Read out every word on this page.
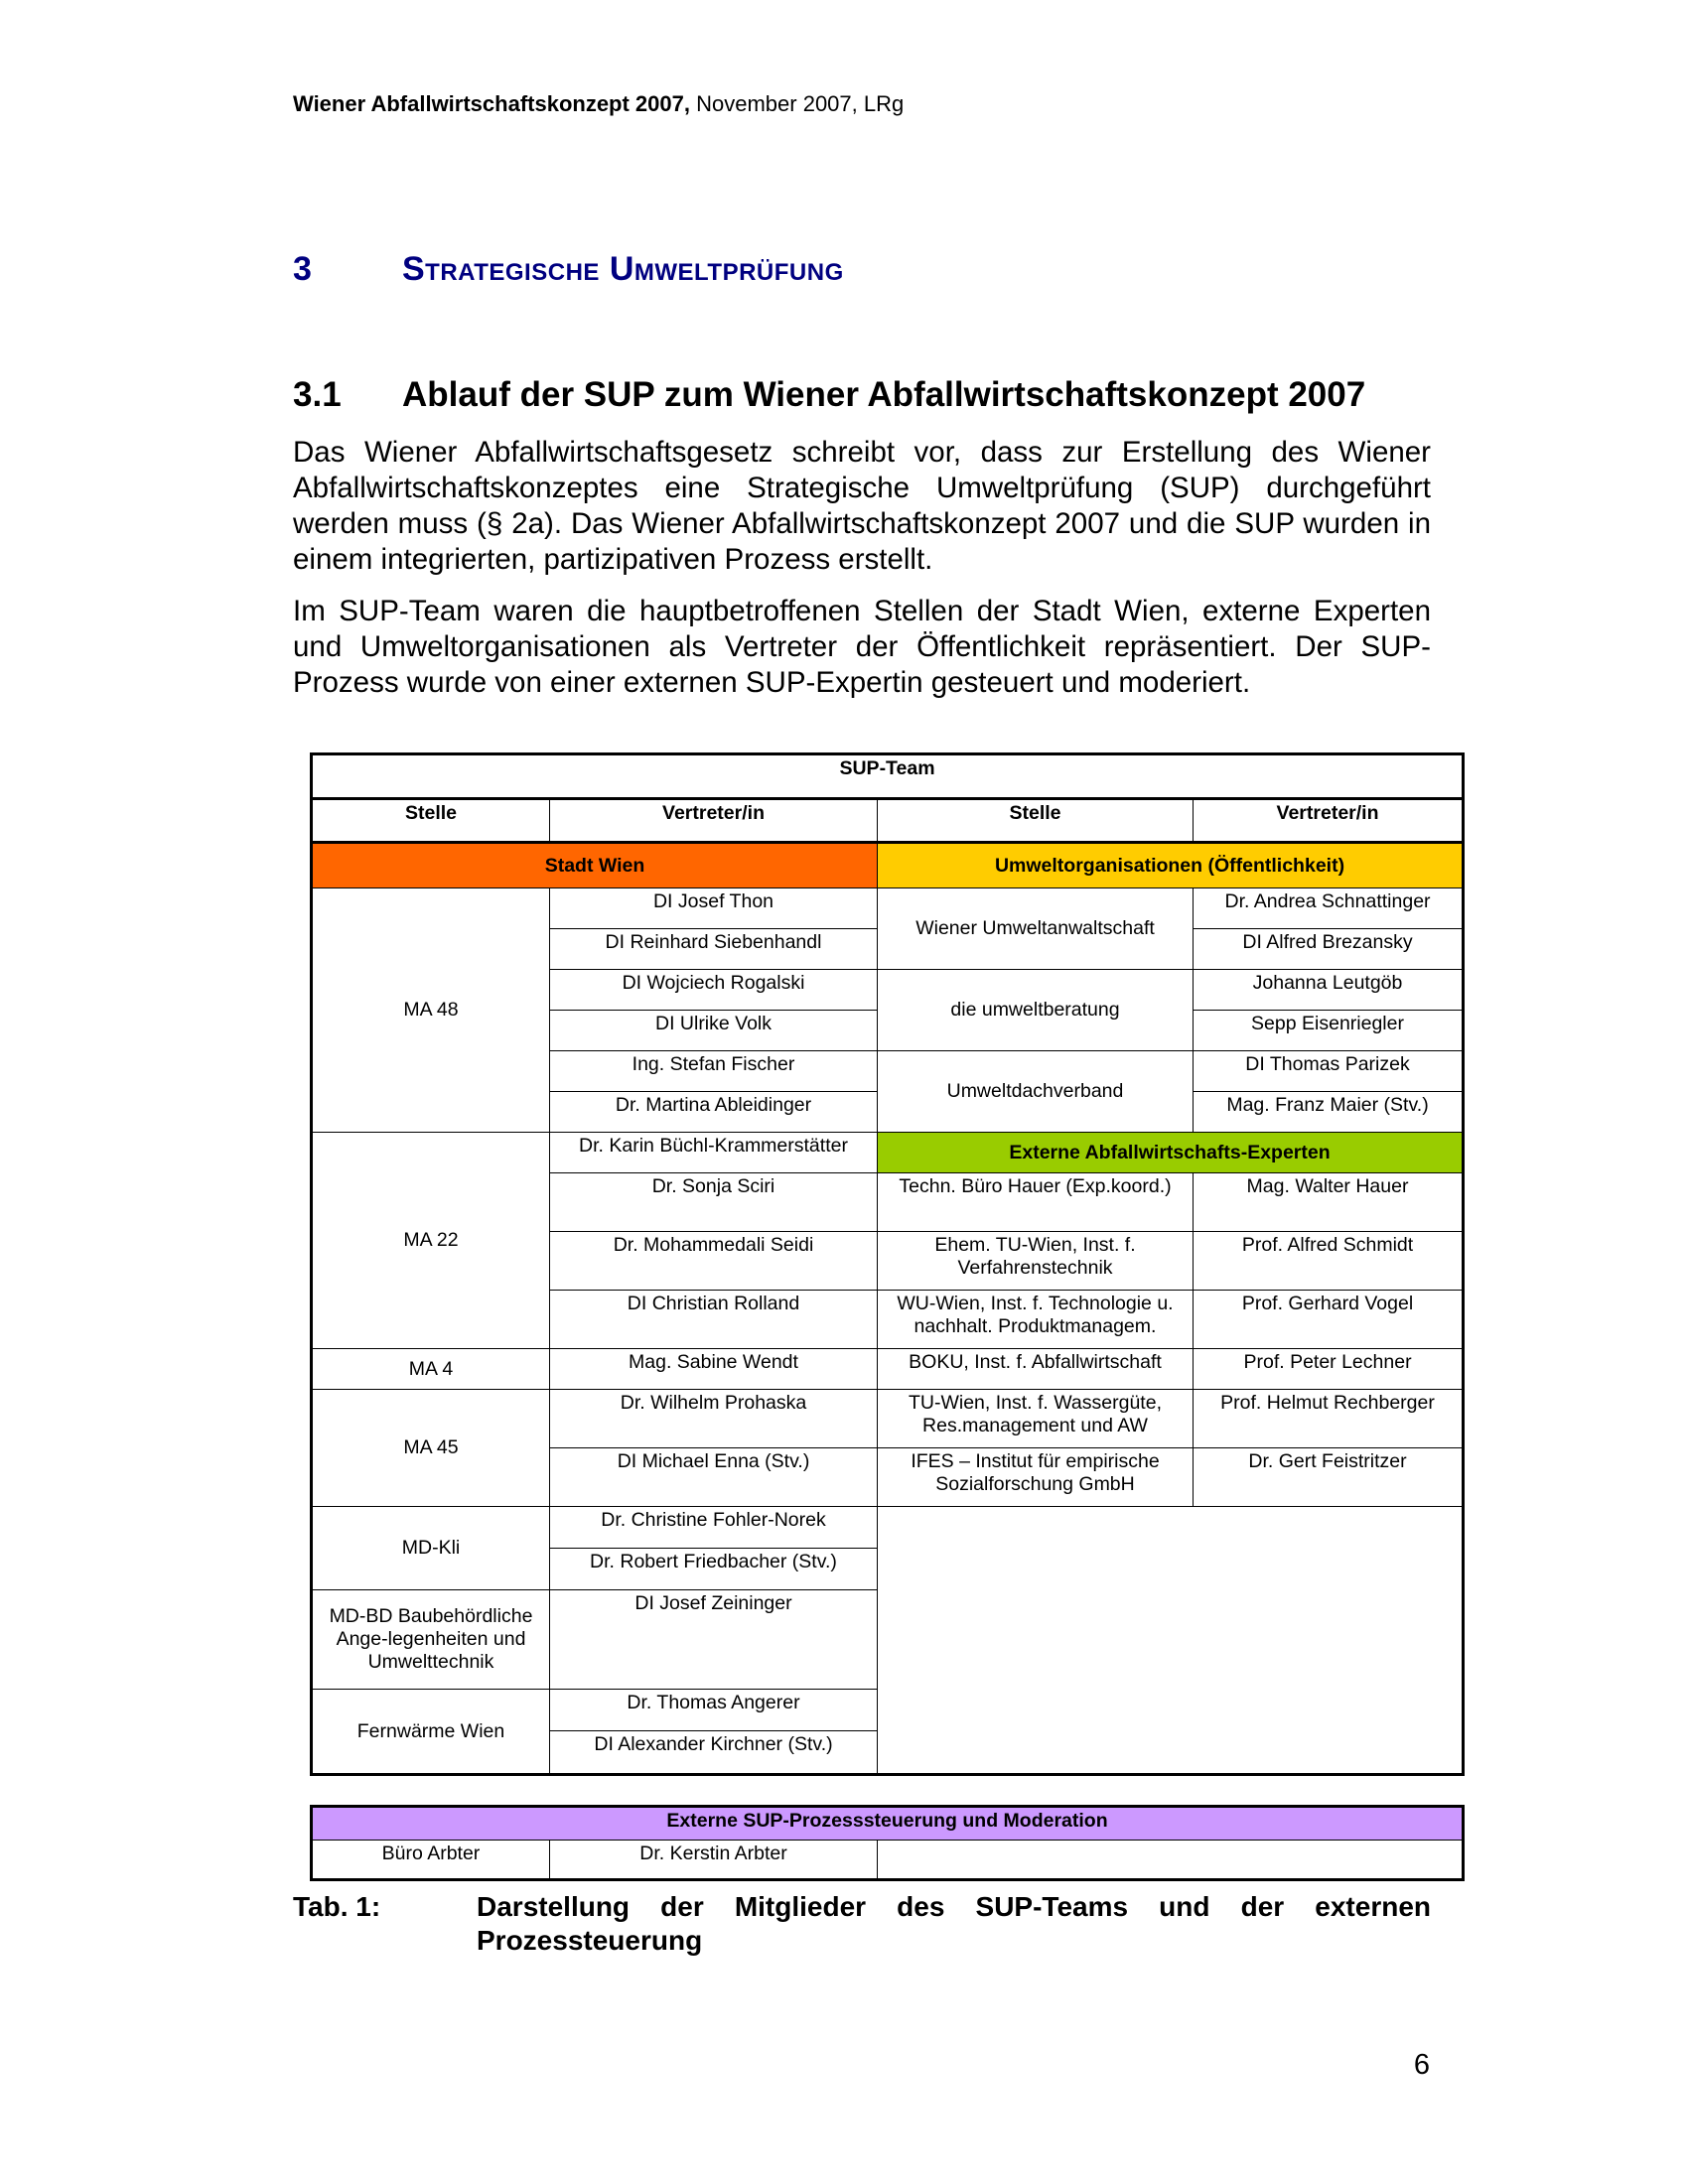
Wiener Abfallwirtschaftskonzept 2007, November 2007, LRg
3	Strategische Umweltprüfung
3.1 Ablauf der SUP zum Wiener Abfallwirtschaftskonzept 2007
Das Wiener Abfallwirtschaftsgesetz schreibt vor, dass zur Erstellung des Wiener Abfallwirtschaftskonzeptes eine Strategische Umweltprüfung (SUP) durchgeführt werden muss (§ 2a). Das Wiener Abfallwirtschaftskonzept 2007 und die SUP wurden in einem integrierten, partizipativen Prozess erstellt.
Im SUP-Team waren die hauptbetroffenen Stellen der Stadt Wien, externe Experten und Umweltorganisationen als Vertreter der Öffentlichkeit repräsentiert. Der SUP-Prozess wurde von einer externen SUP-Expertin gesteuert und moderiert.
SUP-Team			
Stelle	Vertreter/in	Stelle	Vertreter/in
Stadt Wien		Umweltorganisationen (Öffentlichkeit)	
MA 48	DI Josef Thon	Wiener Umweltanwaltschaft	Dr. Andrea Schnattinger
	DI Reinhard Siebenhandl		DI Alfred Brezansky
	DI Wojciech Rogalski	die umweltberatung	Johanna Leutgöb
	DI Ulrike Volk		Sepp Eisenriegler
	Ing. Stefan Fischer	Umweltdachverband	DI Thomas Parizek
	Dr. Martina Ableidinger		Mag. Franz Maier (Stv.)
MA 22	Dr. Karin Büchl-Krammerstätter	Externe Abfallwirtschafts-Experten	
	Dr. Sonja Sciri	Techn. Büro Hauer (Exp.koord.)	Mag. Walter Hauer
	Dr. Mohammedali Seidi	Ehem. TU-Wien, Inst. f. Verfahrenstechnik	Prof. Alfred Schmidt
	DI Christian Rolland	WU-Wien, Inst. f. Technologie u. nachhalt. Produktmanagem.	Prof. Gerhard Vogel
MA 4	Mag. Sabine Wendt	BOKU, Inst. f. Abfallwirtschaft	Prof. Peter Lechner
MA 45	Dr. Wilhelm Prohaska	TU-Wien, Inst. f. Wassergüte, Res.management und AW	Prof. Helmut Rechberger
	DI Michael Enna (Stv.)	IFES – Institut für empirische Sozialforschung GmbH	Dr. Gert Feistritzer
MD-Kli	Dr. Christine Fohler-Norek		
	Dr. Robert Friedbacher (Stv.)		
MD-BD Baubehördliche Ange-legenheiten und Umwelttechnik	DI Josef Zeininger		
Fernwärme Wien	Dr. Thomas Angerer		
	DI Alexander Kirchner (Stv.)		
Externe SUP-Prozesssteuerung und Moderation
Büro Arbter	Dr. Kerstin Arbter	
Tab. 1:	Darstellung der Mitglieder des SUP-Teams und der externen Prozessteuerung
6
